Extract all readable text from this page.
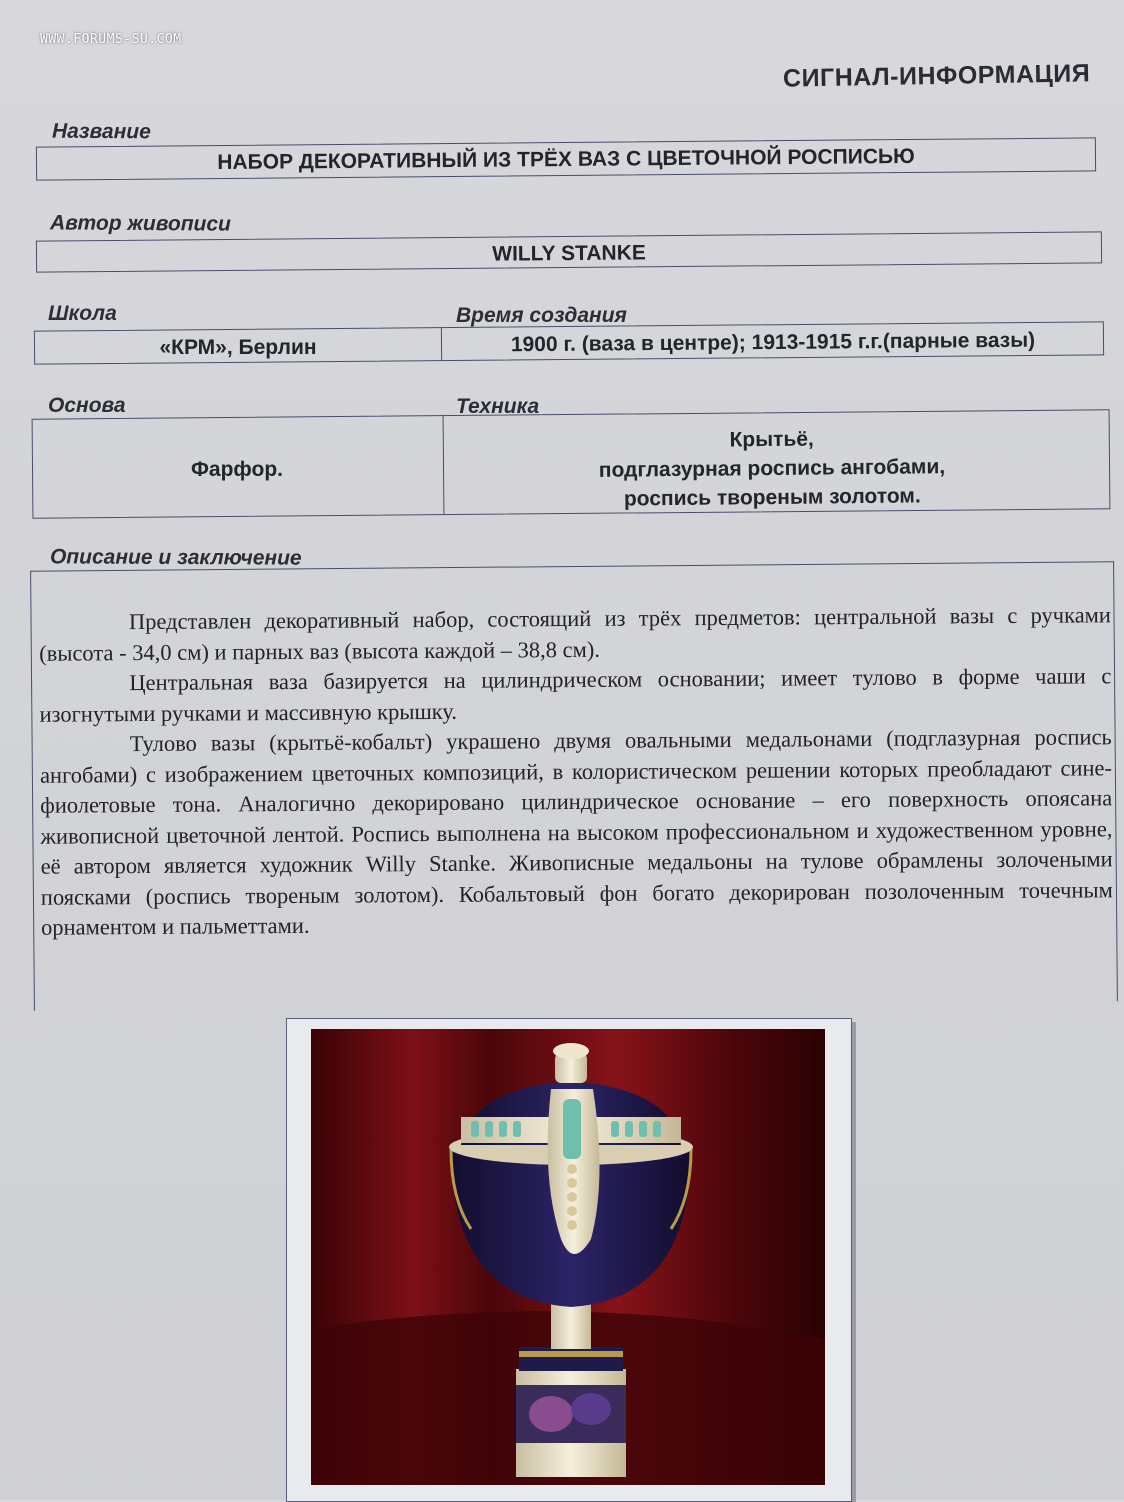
WWW.FORUMS-SU.COM
СИГНАЛ-ИНФОРМАЦИЯ
Название
НАБОР ДЕКОРАТИВНЫЙ ИЗ ТРЁХ ВАЗ С ЦВЕТОЧНОЙ РОСПИСЬЮ
Автор живописи
WILLY STANKE
Школа	Время создания
«КРМ», Берлин	1900 г. (ваза в центре); 1913-1915 г.г.(парные вазы)
Основа	Техника
Фарфор.
Крытьё,
подглазурная роспись ангобами,
роспись твореным золотом.
Описание и заключение

Представлен декоративный набор, состоящий из трёх предметов: центральной вазы с ручками (высота - 34,0 см) и парных ваз (высота каждой – 38,8 см).

Центральная ваза базируется на цилиндрическом основании; имеет тулово в форме чаши с изогнутыми ручками и массивную крышку.

Тулово вазы (крытьё-кобальт) украшено двумя овальными медальонами (подглазурная роспись ангобами) с изображением цветочных композиций, в колористическом решении которых преобладают сине-фиолетовые тона. Аналогично декорировано цилиндрическое основание – его поверхность опоясана живописной цветочной лентой. Роспись выполнена на высоком профессиональном и художественном уровне, её автором является художник Willy Stanke. Живописные медальоны на тулове обрамлены золочеными поясками (роспись твореным золотом). Кобальтовый фон богато декорирован позолоченным точечным орнаментом и пальметтами.
